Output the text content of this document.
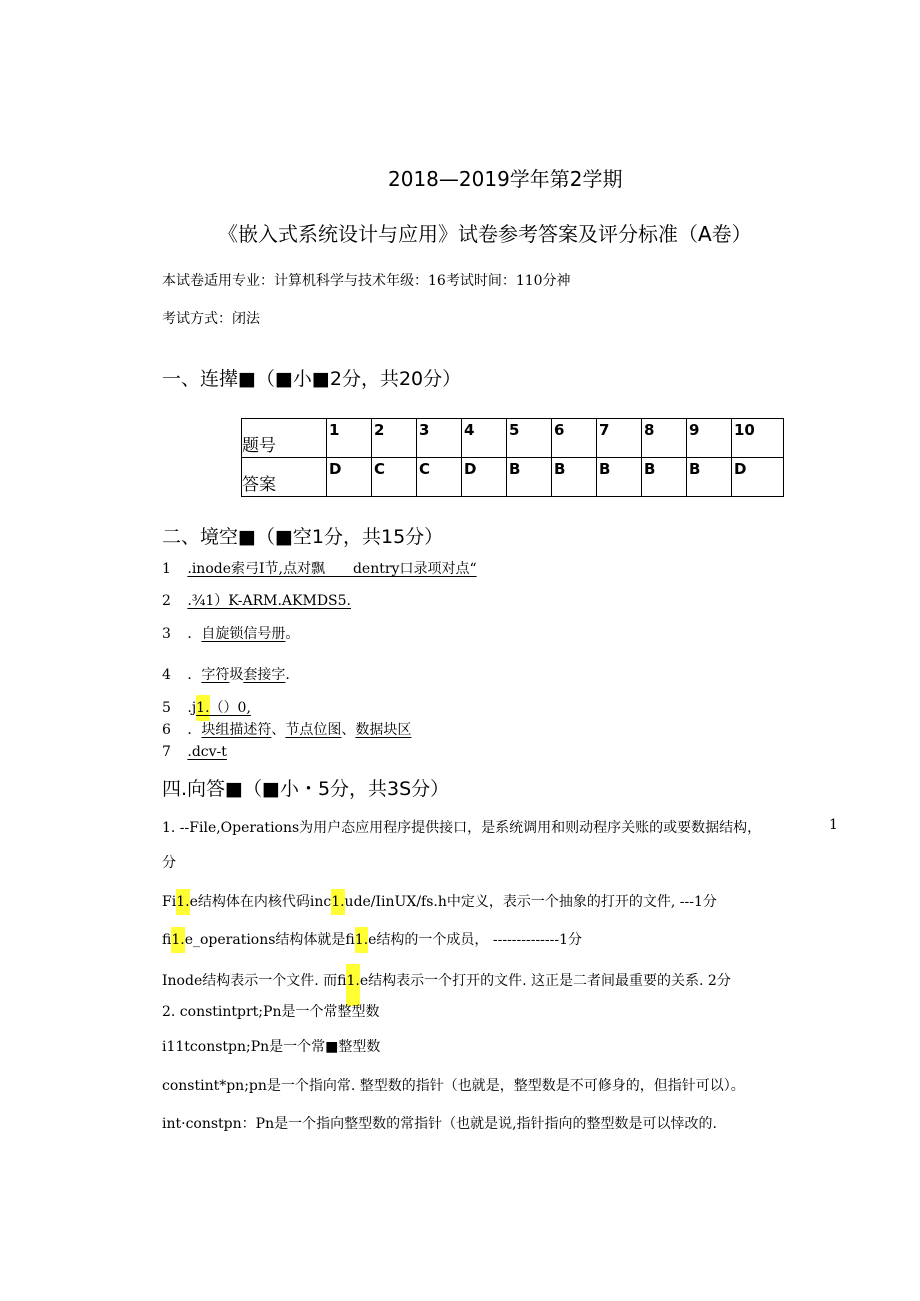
2018—2019学年第2学期
《嵌入式系统设计与应用》试卷参考答案及评分标准（A卷）
本试卷适用专业：计算机科学与技术年级：16考试时间：110分神
考试方式：闭法
一、连撵■（■小■2分，共20分）
题号	1	2	3	4	5	6	7	8	9	10
答案	D	C	C	D	B	B	B	B	B	D
二、境空■（■空1分，共15分）
1 .inode索弓I节,点对飘　　dentry口录项对点“
2 .¾1）K-ARM.AKMDS5.
3 ．自旋锁信号册。
4 ．字符圾套接字.
5 .j1.（）0,
6 ．块组描述符、节点位图、数据块区
7 .dcv-t
四.向答■（■小・5分，共3S分）
1. --File,Operations为用户态应用程序提供接口，是系统调用和则动程序关账的或要数据结构，	1
分
Fi1.e结构体在内核代码inc1.ude/IinUX/fs.h中定义，表示一个抽象的打开的文件, ---1分
fi1.e_operations结构体就是fi1.e结构的一个成员， --------------1分
Inode结构表示一个文件. 而fi1.e结构表示一个打开的文件. 这正是二者间最重要的关系. 2分
2. constintprt;Pn是一个常整型数
i11tconstpn;Pn是一个常■整型数
constint*pn;pn是一个指向常. 整型数的指针（也就是，整型数是不可修身的，但指针可以）。
int·constpn：Pn是一个指向整型数的常指针（也就是说,指针指向的整型数是可以悻改的.
